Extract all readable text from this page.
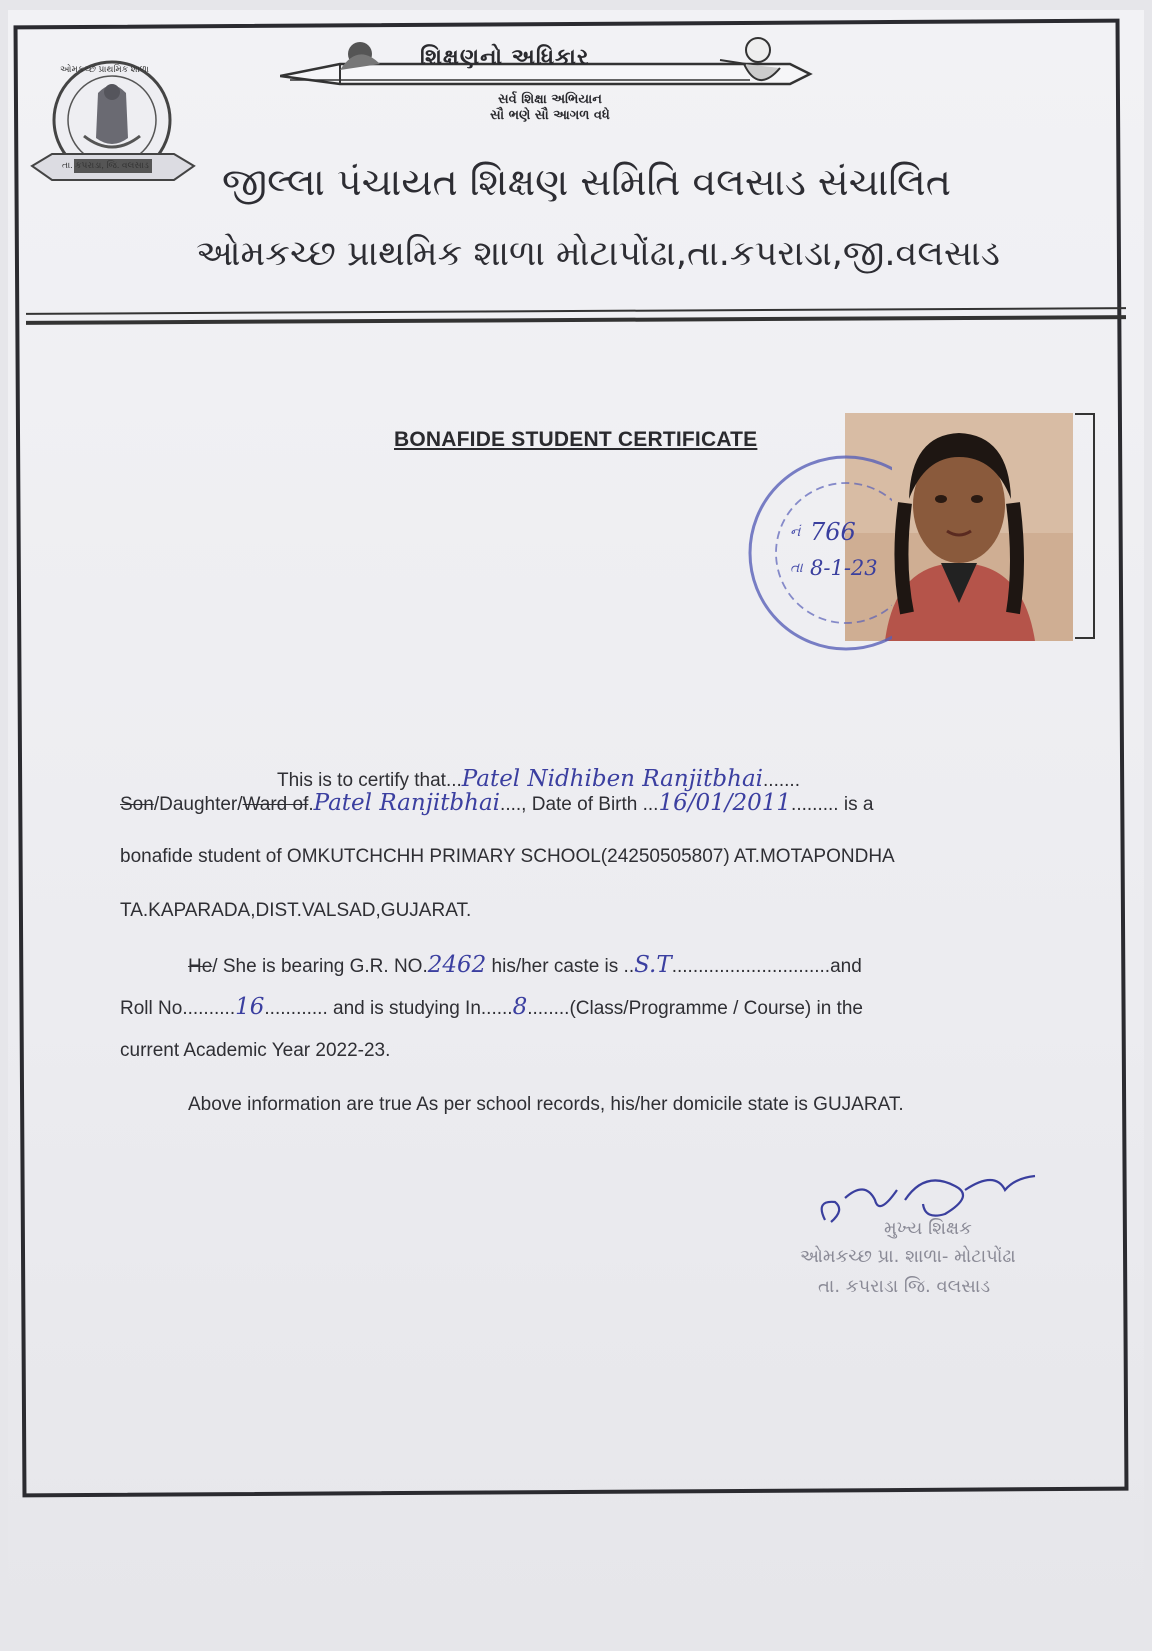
ઓમકચ્છ પ્રાથમિક શાળા
તા. કપરાડા, જિ. વલસાડ
શિક્ષણનો અધિકાર
સર્વ શિક્ષા અભિયાન
સૌ ભણે સૌ આગળ વધે
જીલ્લા પંચાયત શિક્ષણ સમિતિ વલસાડ સંચાલિત
ઓમકચ્છ પ્રાથમિક શાળા મોટાપોંઢા,તા.કપરાડા,જી.વલસાડ
BONAFIDE STUDENT CERTIFICATE
નં 766
તા 8-1-23
This is to certify that...Patel Nidhiben Ranjitbhai.......
Son/Daughter/Ward of.Patel Ranjitbhai...., Date of Birth ...16/01/2011......... is a
bonafide student of OMKUTCHCHH PRIMARY SCHOOL(24250505807) AT.MOTAPONDHA
TA.KAPARADA,DIST.VALSAD,GUJARAT.
He/ She is bearing G.R. NO.2462 his/her caste is ..S.T..............................and
Roll No..........16............ and is studying In......8........(Class/Programme / Course) in the
current Academic Year 2022-23.
Above information are true As per school records, his/her domicile state is GUJARAT.
મુખ્ય શિક્ષક
ઓમકચ્છ પ્રા. શાળા- મોટાપોંઢા
તા. કપરાડા જિ. વલસાડ
